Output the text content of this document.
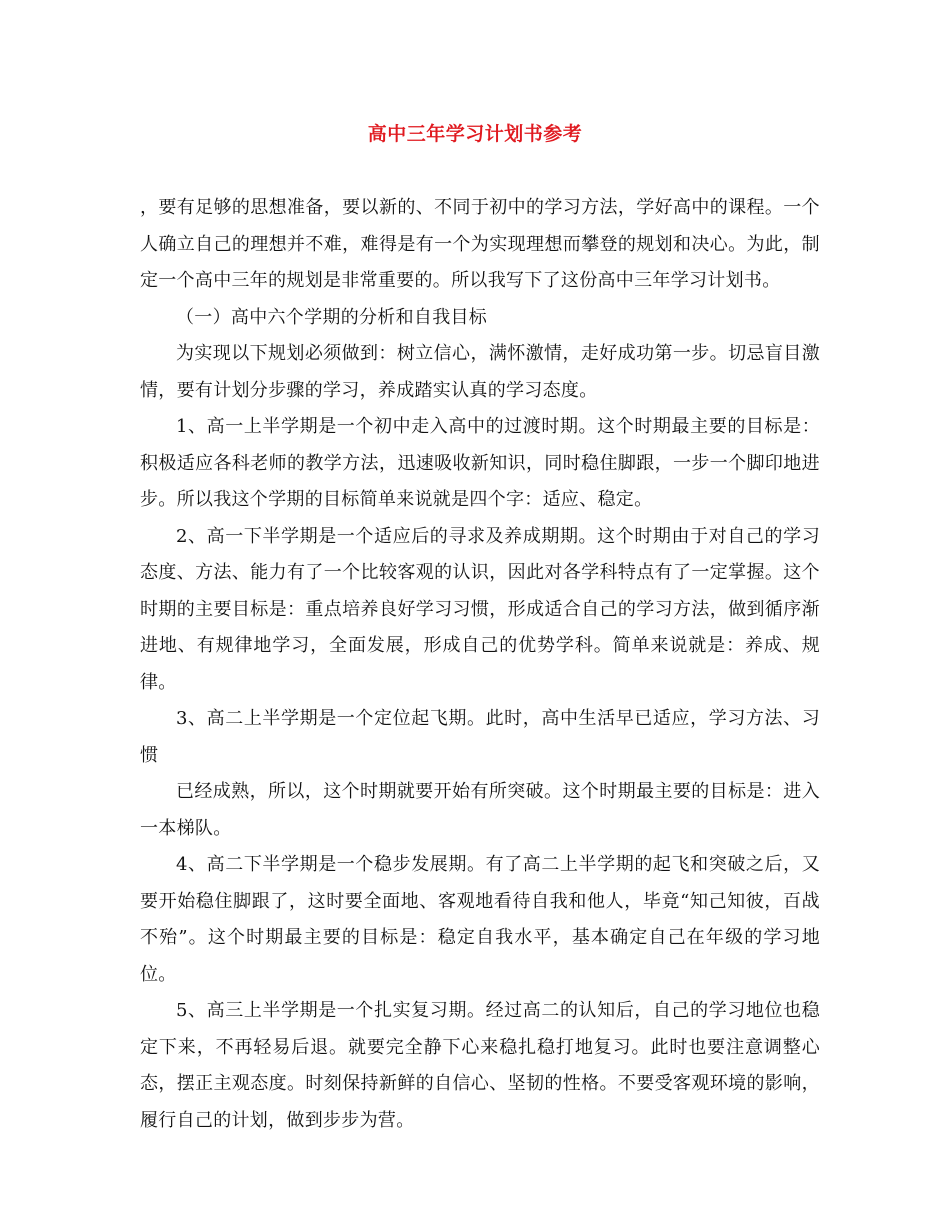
高中三年学习计划书参考

，要有足够的思想准备，要以新的、不同于初中的学习方法，学好高中的课程。一个人确立自己的理想并不难，难得是有一个为实现理想而攀登的规划和决心。为此，制定一个高中三年的规划是非常重要的。所以我写下了这份高中三年学习计划书。

（一）高中六个学期的分析和自我目标

为实现以下规划必须做到：树立信心，满怀激情，走好成功第一步。切忌盲目激情，要有计划分步骤的学习，养成踏实认真的学习态度。

1、高一上半学期是一个初中走入高中的过渡时期。这个时期最主要的目标是：积极适应各科老师的教学方法，迅速吸收新知识，同时稳住脚跟，一步一个脚印地进步。所以我这个学期的目标简单来说就是四个字：适应、稳定。

2、高一下半学期是一个适应后的寻求及养成期期。这个时期由于对自己的学习态度、方法、能力有了一个比较客观的认识，因此对各学科特点有了一定掌握。这个时期的主要目标是：重点培养良好学习习惯，形成适合自己的学习方法，做到循序渐进地、有规律地学习，全面发展，形成自己的优势学科。简单来说就是：养成、规律。

3、高二上半学期是一个定位起飞期。此时，高中生活早已适应，学习方法、习惯

已经成熟，所以，这个时期就要开始有所突破。这个时期最主要的目标是：进入一本梯队。

4、高二下半学期是一个稳步发展期。有了高二上半学期的起飞和突破之后，又要开始稳住脚跟了，这时要全面地、客观地看待自我和他人，毕竟“知己知彼，百战不殆”。这个时期最主要的目标是：稳定自我水平，基本确定自己在年级的学习地位。

5、高三上半学期是一个扎实复习期。经过高二的认知后，自己的学习地位也稳定下来，不再轻易后退。就要完全静下心来稳扎稳打地复习。此时也要注意调整心态，摆正主观态度。时刻保持新鲜的自信心、坚韧的性格。不要受客观环境的影响，履行自己的计划，做到步步为营。
